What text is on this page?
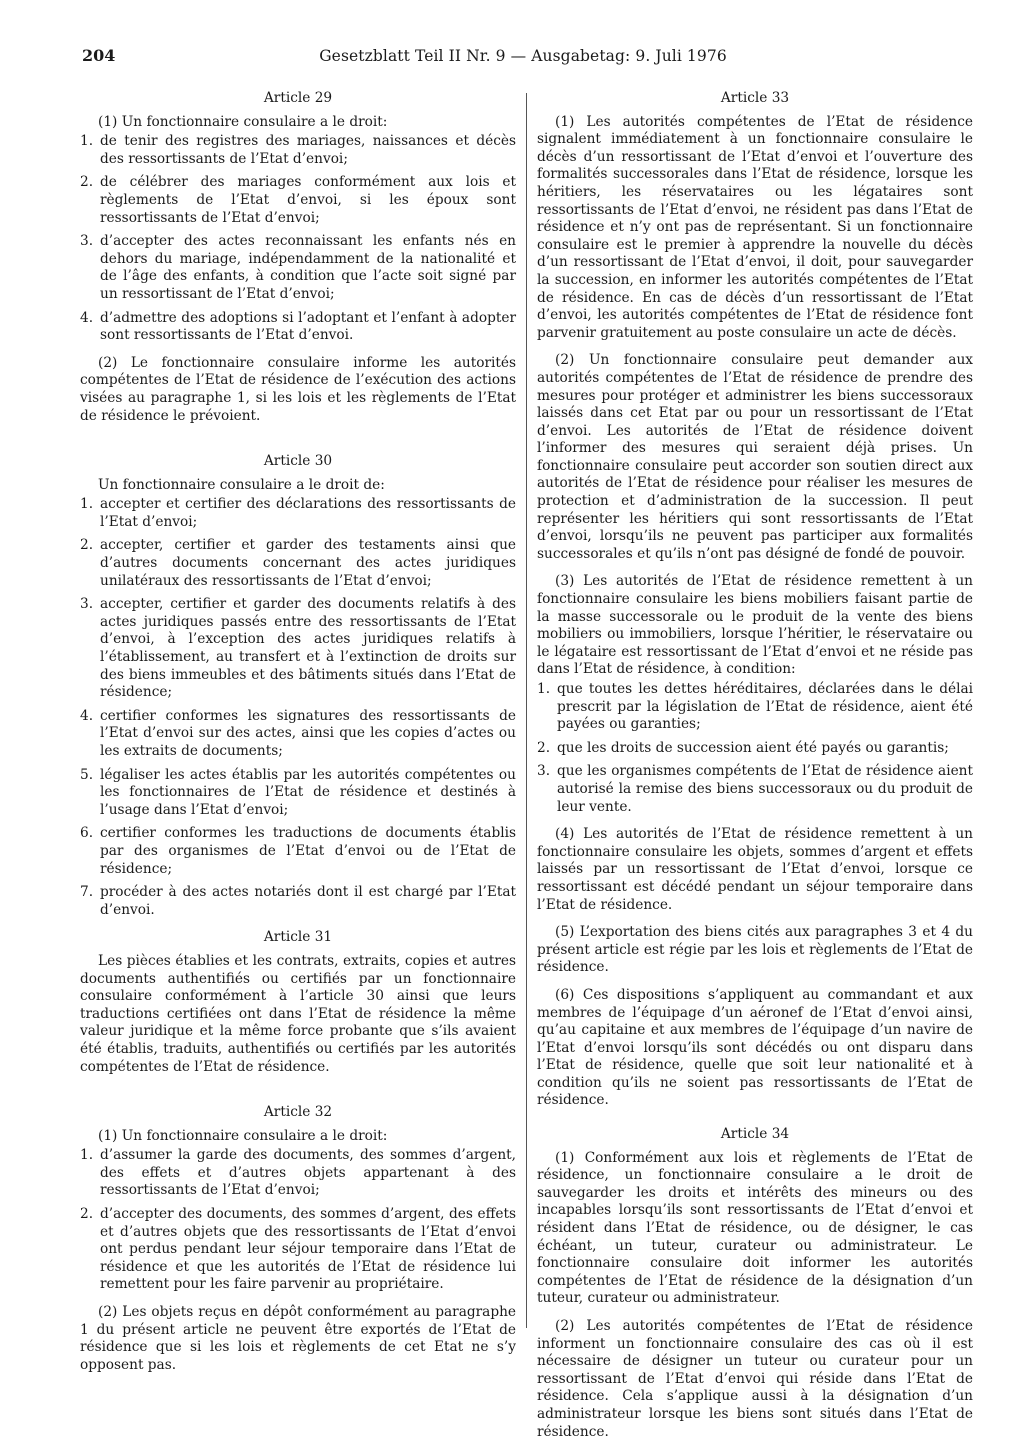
204	Gesetzblatt Teil II Nr. 9 — Ausgabetag: 9. Juli 1976
Article 29

(1) Un fonctionnaire consulaire a le droit:

1. de tenir des registres des mariages, naissances et décès des ressortissants de l’Etat d’envoi;
2. de célébrer des mariages conformément aux lois et règlements de l’Etat d’envoi, si les époux sont ressortissants de l’Etat d’envoi;
3. d’accepter des actes reconnaissant les enfants nés en dehors du mariage, indépendamment de la nationalité et de l’âge des enfants, à condition que l’acte soit signé par un ressortissant de l’Etat d’envoi;
4. d’admettre des adoptions si l’adoptant et l’enfant à adopter sont ressortissants de l’Etat d’envoi.

(2) Le fonctionnaire consulaire informe les autorités compétentes de l’Etat de résidence de l’exécution des actions visées au paragraphe 1, si les lois et les règlements de l’Etat de résidence le prévoient.

Article 30

Un fonctionnaire consulaire a le droit de:

1. accepter et certifier des déclarations des ressortissants de l’Etat d’envoi;
2. accepter, certifier et garder des testaments ainsi que d’autres documents concernant des actes juridiques unilatéraux des ressortissants de l’Etat d’envoi;
3. accepter, certifier et garder des documents relatifs à des actes juridiques passés entre des ressortissants de l’Etat d’envoi, à l’exception des actes juridiques relatifs à l’établissement, au transfert et à l’extinction de droits sur des biens immeubles et des bâtiments situés dans l’Etat de résidence;
4. certifier conformes les signatures des ressortissants de l’Etat d’envoi sur des actes, ainsi que les copies d’actes ou les extraits de documents;
5. légaliser les actes établis par les autorités compétentes ou les fonctionnaires de l’Etat de résidence et destinés à l’usage dans l’Etat d’envoi;
6. certifier conformes les traductions de documents établis par des organismes de l’Etat d’envoi ou de l’Etat de résidence;
7. procéder à des actes notariés dont il est chargé par l’Etat d’envoi.
Article 31

Les pièces établies et les contrats, extraits, copies et autres documents authentifiés ou certifiés par un fonctionnaire consulaire conformément à l’article 30 ainsi que leurs traductions certifiées ont dans l’Etat de résidence la même valeur juridique et la même force probante que s’ils avaient été établis, traduits, authentifiés ou certifiés par les autorités compétentes de l’Etat de résidence.

Article 32

(1) Un fonctionnaire consulaire a le droit:

1. d’assumer la garde des documents, des sommes d’argent, des effets et d’autres objets appartenant à des ressortissants de l’Etat d’envoi;
2. d’accepter des documents, des sommes d’argent, des effets et d’autres objets que des ressortissants de l’Etat d’envoi ont perdus pendant leur séjour temporaire dans l’Etat de résidence et que les autorités de l’Etat de résidence lui remettent pour les faire parvenir au propriétaire.

(2) Les objets reçus en dépôt conformément au paragraphe 1 du présent article ne peuvent être exportés de l’Etat de résidence que si les lois et règlements de cet Etat ne s’y opposent pas.

Article 33

(1) Les autorités compétentes de l’Etat de résidence signalent immédiatement à un fonctionnaire consulaire le décès d’un ressortissant de l’Etat d’envoi et l’ouverture des formalités successorales dans l’Etat de résidence, lorsque les héritiers, les réservataires ou les légataires sont ressortissants de l’Etat d’envoi, ne résident pas dans l’Etat de résidence et n’y ont pas de représentant. Si un fonctionnaire consulaire est le premier à apprendre la nouvelle du décès d’un ressortissant de l’Etat d’envoi, il doit, pour sauvegarder la succession, en informer les autorités compétentes de l’Etat de résidence. En cas de décès d’un ressortissant de l’Etat d’envoi, les autorités compétentes de l’Etat de résidence font parvenir gratuitement au poste consulaire un acte de décès.

(2) Un fonctionnaire consulaire peut demander aux autorités compétentes de l’Etat de résidence de prendre des mesures pour protéger et administrer les biens successoraux laissés dans cet Etat par ou pour un ressortissant de l’Etat d’envoi. Les autorités de l’Etat de résidence doivent l’informer des mesures qui seraient déjà prises. Un fonctionnaire consulaire peut accorder son soutien direct aux autorités de l’Etat de résidence pour réaliser les mesures de protection et d’administration de la succession. Il peut représenter les héritiers qui sont ressortissants de l’Etat d’envoi, lorsqu’ils ne peuvent pas participer aux formalités successorales et qu’ils n’ont pas désigné de fondé de pouvoir.

(3) Les autorités de l’Etat de résidence remettent à un fonctionnaire consulaire les biens mobiliers faisant partie de la masse successorale ou le produit de la vente des biens mobiliers ou immobiliers, lorsque l’héritier, le réservataire ou le légataire est ressortissant de l’Etat d’envoi et ne réside pas dans l’Etat de résidence, à condition:

1. que toutes les dettes héréditaires, déclarées dans le délai prescrit par la législation de l’Etat de résidence, aient été payées ou garanties;
2. que les droits de succession aient été payés ou garantis;
3. que les organismes compétents de l’Etat de résidence aient autorisé la remise des biens successoraux ou du produit de leur vente.

(4) Les autorités de l’Etat de résidence remettent à un fonctionnaire consulaire les objets, sommes d’argent et effets laissés par un ressortissant de l’Etat d’envoi, lorsque ce ressortissant est décédé pendant un séjour temporaire dans l’Etat de résidence.

(5) L’exportation des biens cités aux paragraphes 3 et 4 du présent article est régie par les lois et règlements de l’Etat de résidence.

(6) Ces dispositions s’appliquent au commandant et aux membres de l’équipage d’un aéronef de l’Etat d’envoi ainsi, qu’au capitaine et aux membres de l’équipage d’un navire de l’Etat d’envoi lorsqu’ils sont décédés ou ont disparu dans l’Etat de résidence, quelle que soit leur nationalité et à condition qu’ils ne soient pas ressortissants de l’Etat de résidence.

Article 34

(1) Conformément aux lois et règlements de l’Etat de résidence, un fonctionnaire consulaire a le droit de sauvegarder les droits et intérêts des mineurs ou des incapables lorsqu’ils sont ressortissants de l’Etat d’envoi et résident dans l’Etat de résidence, ou de désigner, le cas échéant, un tuteur, curateur ou administrateur. Le fonctionnaire consulaire doit informer les autorités compétentes de l’Etat de résidence de la désignation d’un tuteur, curateur ou administrateur.

(2) Les autorités compétentes de l’Etat de résidence informent un fonctionnaire consulaire des cas où il est nécessaire de désigner un tuteur ou curateur pour un ressortissant de l’Etat d’envoi qui réside dans l’Etat de résidence. Cela s’applique aussi à la désignation d’un administrateur lorsque les biens sont situés dans l’Etat de résidence.
